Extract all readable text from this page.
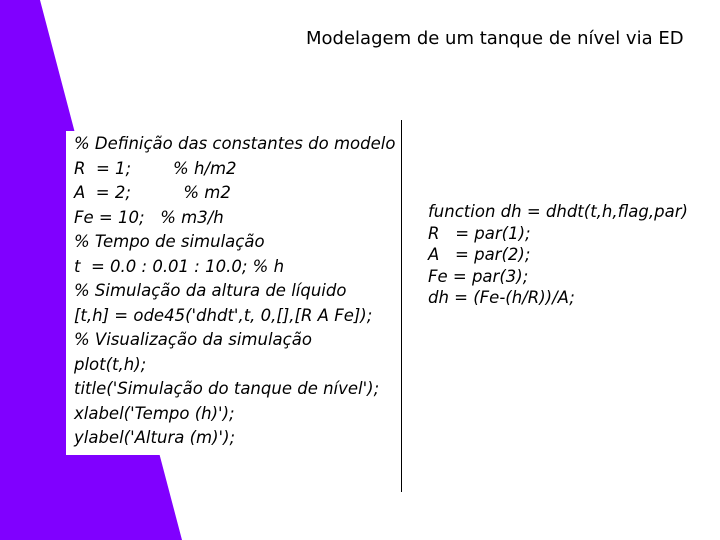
Modelagem de um tanque de nível via ED
% Definição das constantes do modelo
R  = 1;        % h/m2
A  = 2;          % m2
Fe = 10;   % m3/h
% Tempo de simulação
t  = 0.0 : 0.01 : 10.0; % h
% Simulação da altura de líquido
[t,h] = ode45('dhdt',t, 0,[],[R A Fe]);
% Visualização da simulação
plot(t,h);
title('Simulação do tanque de nível');
xlabel('Tempo (h)');
ylabel('Altura (m)');
function dh = dhdt(t,h,flag,par)
R   = par(1);
A   = par(2);
Fe = par(3);
dh = (Fe-(h/R))/A;
